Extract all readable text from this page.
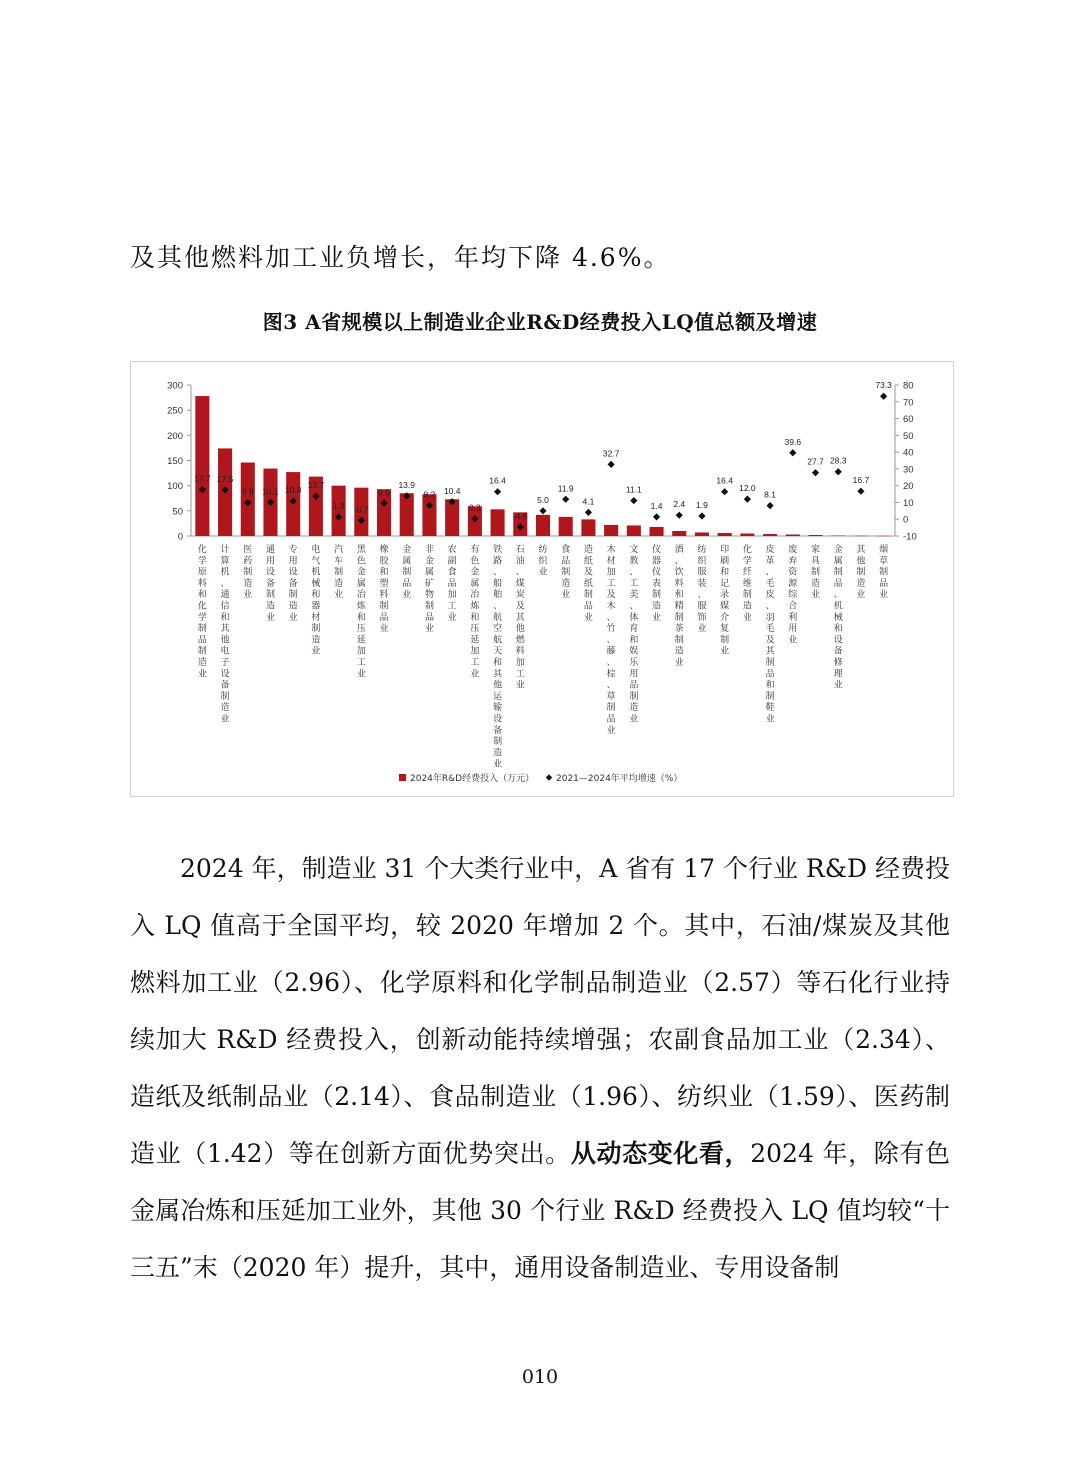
及其他燃料加工业负增长，年均下降 4.6%。
图3 A省规模以上制造业企业R&D经费投入LQ值总额及增速
0
50
100
150
200
250
300
-10
0
10
20
30
40
50
60
70
80
17.7 17.5
9.9 10.1 10.8 13.7
1.3 -0.7
9.5
13.9
8.2 10.4
0.3
16.4
-4.6
5.0
11.9
4.1
32.7
11.1
1.4 2.4 1.9
16.4
12.0
8.1
39.6
27.7 28.3
16.7
73.3
化学原料和化学制品制造业
计算机、通信和其他电子设备制造业
医药制造业
通用设备制造业
专用设备制造业
电气机械和器材制造业
汽车制造业
黑色金属冶炼和压延加工业
橡胶和塑料制品业
金属制品业
非金属矿物制品业
农副食品加工业
有色金属冶炼和压延加工业
铁路、船舶、航空航天和其他运输设备制造业
石油、煤炭及其他燃料加工业
纺织业
食品制造业
造纸及纸制品业
木材加工及木、竹、藤、棕、草制品业
文教、工美、体育和娱乐用品制造业
仪器仪表制造业
酒、饮料和精制茶制造业
纺织服装、服饰业
印刷和记录媒介复制业
化学纤维制造业
皮革、毛皮、羽毛及其制品和制鞋业
废弃资源综合利用业
家具制造业
金属制品、机械和设备修理业
其他制造业
烟草制品业
2024年R&D经费投入（万元） 2021—2024年平均增速（%）

2024 年，制造业 31 个大类行业中，A 省有 17 个行业 R&D 经费投入 LQ 值高于全国平均，较 2020 年增加 2 个。其中，石油/煤炭及其他燃料加工业（2.96）、化学原料和化学制品制造业（2.57）等石化行业持续加大 R&D 经费投入，创新动能持续增强；农副食品加工业（2.34）、造纸及纸制品业（2.14）、食品制造业（1.96）、纺织业（1.59）、医药制造业（1.42）等在创新方面优势突出。从动态变化看，2024 年，除有色金属冶炼和压延加工业外，其他 30 个行业 R&D 经费投入 LQ 值均较“十三五”末（2020 年）提升，其中，通用设备制造业、专用设备制

010
